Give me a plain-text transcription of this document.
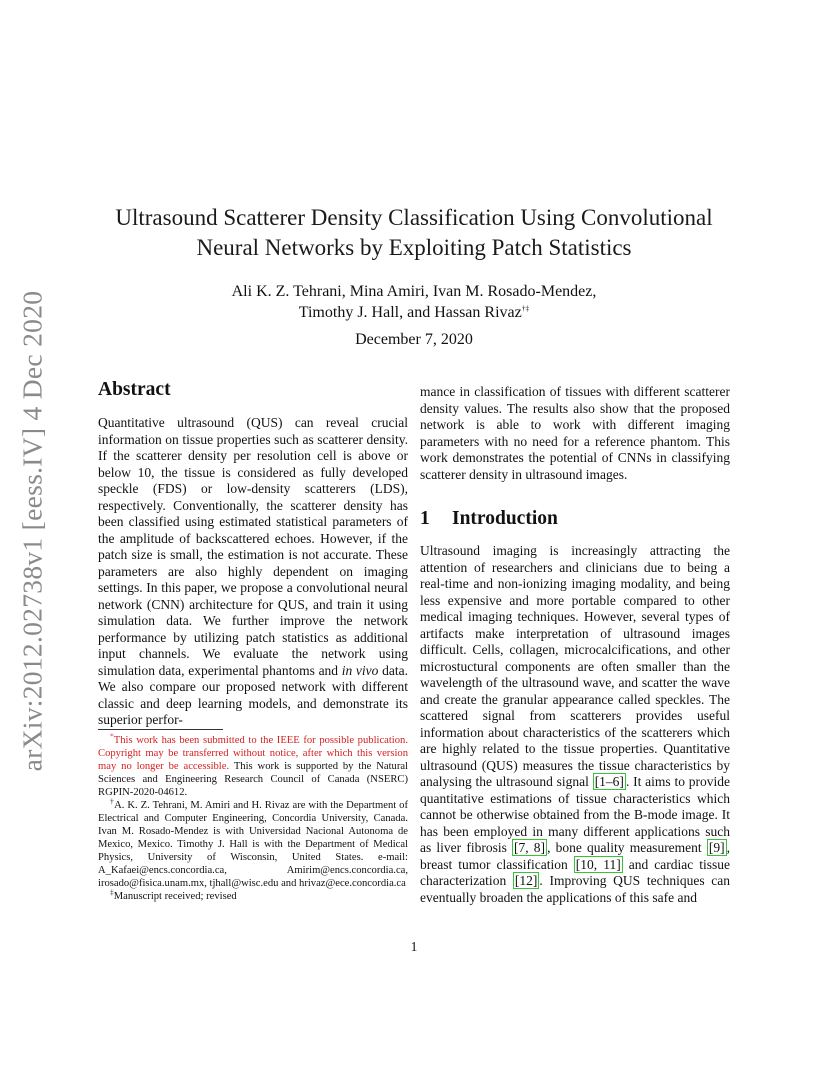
arXiv:2012.02738v1 [eess.IV] 4 Dec 2020
Ultrasound Scatterer Density Classification Using Convolutional
Neural Networks by Exploiting Patch Statistics
Ali K. Z. Tehrani, Mina Amiri, Ivan M. Rosado-Mendez,
Timothy J. Hall, and Hassan Rivaz†‡
December 7, 2020
Abstract
Quantitative ultrasound (QUS) can reveal crucial information on tissue properties such as scatterer density. If the scatterer density per resolution cell is above or below 10, the tissue is considered as fully developed speckle (FDS) or low-density scatterers (LDS), respectively. Conventionally, the scatterer density has been classified using estimated statistical parameters of the amplitude of backscattered echoes. However, if the patch size is small, the estimation is not accurate. These parameters are also highly dependent on imaging settings. In this paper, we propose a convolutional neural network (CNN) architecture for QUS, and train it using simulation data. We further improve the network performance by utilizing patch statistics as additional input channels. We evaluate the network using simulation data, experimental phantoms and in vivo data. We also compare our proposed network with different classic and deep learning models, and demonstrate its superior perfor-

*This work has been submitted to the IEEE for possible publication. Copyright may be transferred without notice, after which this version may no longer be accessible. This work is supported by the Natural Sciences and Engineering Research Council of Canada (NSERC) RGPIN-2020-04612.

†A. K. Z. Tehrani, M. Amiri and H. Rivaz are with the Department of Electrical and Computer Engineering, Concordia University, Canada. Ivan M. Rosado-Mendez is with Universidad Nacional Autonoma de Mexico, Mexico. Timothy J. Hall is with the Department of Medical Physics, University of Wisconsin, United States. e-mail: A_Kafaei@encs.concordia.ca, Amirim@encs.concordia.ca, irosado@fisica.unam.mx, tjhall@wisc.edu and hrivaz@ece.concordia.ca

‡Manuscript received; revised

mance in classification of tissues with different scatterer density values. The results also show that the proposed network is able to work with different imaging parameters with no need for a reference phantom. This work demonstrates the potential of CNNs in classifying scatterer density in ultrasound images.
1 Introduction
Ultrasound imaging is increasingly attracting the attention of researchers and clinicians due to being a real-time and non-ionizing imaging modality, and being less expensive and more portable compared to other medical imaging techniques. However, several types of artifacts make interpretation of ultrasound images difficult. Cells, collagen, microcalcifications, and other microstuctural components are often smaller than the wavelength of the ultrasound wave, and scatter the wave and create the granular appearance called speckles. The scattered signal from scatterers provides useful information about characteristics of the scatterers which are highly related to the tissue properties. Quantitative ultrasound (QUS) measures the tissue characteristics by analysing the ultrasound signal [1–6] . It aims to provide quantitative estimations of tissue characteristics which cannot be otherwise obtained from the B-mode image. It has been employed in many different applications such as liver fibrosis [7, 8] , bone quality measurement [9] , breast tumor classification [10, 11] and cardiac tissue characterization [12] . Improving QUS techniques can eventually broaden the applications of this safe and
1
